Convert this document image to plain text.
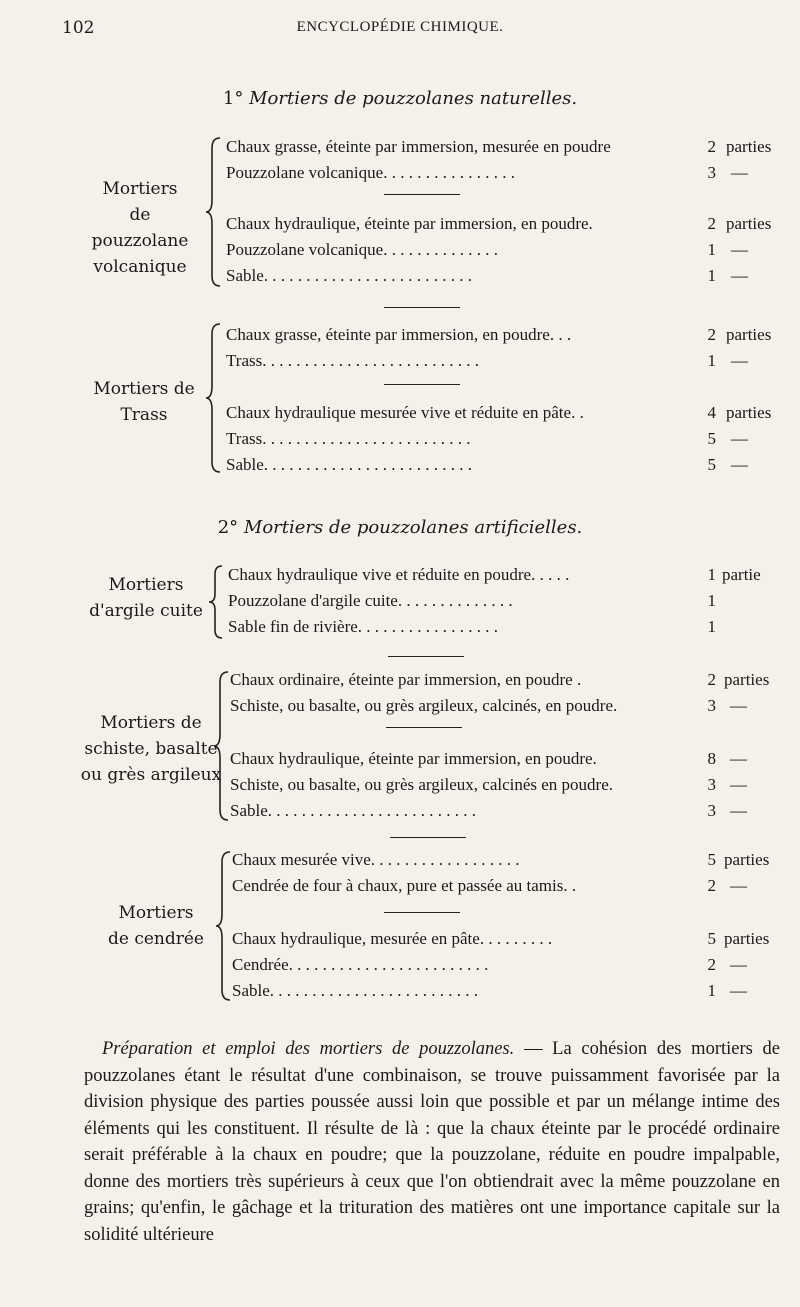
102	ENCYCLOPÉDIE CHIMIQUE.
1° Mortiers de pouzzolanes naturelles.
Mortiers
de pouzzolane
volcanique
Chaux grasse, éteinte par immersion, mesurée en poudre	2 parties
Pouzzolane volcanique. . . . . . . . . . . . . . . .	3 —
Chaux hydraulique, éteinte par immersion, en poudre.	2 parties
Pouzzolane volcanique. . . . . . . . . . . . . .	1 —
Sable. . . . . . . . . . . . . . . . . . . . . . . . .	1 —
Mortiers de
Trass
Chaux grasse, éteinte par immersion, en poudre. . .	2 parties
Trass. . . . . . . . . . . . . . . . . . . . . . . . . .	1 —
Chaux hydraulique mesurée vive et réduite en pâte. .	4 parties
Trass. . . . . . . . . . . . . . . . . . . . . . . . .	5 —
Sable. . . . . . . . . . . . . . . . . . . . . . . . .	5 —
2° Mortiers de pouzzolanes artificielles.
Mortiers
d'argile cuite
Chaux hydraulique vive et réduite en poudre. . . . .	1 partie
Pouzzolane d'argile cuite. . . . . . . . . . . . . .	1
Sable fin de rivière. . . . . . . . . . . . . . . . .	1
Mortiers de
schiste, basalte
ou grès argileux
Chaux ordinaire, éteinte par immersion, en poudre .	2 parties
Schiste, ou basalte, ou grès argileux, calcinés, en poudre.	3 —
Chaux hydraulique, éteinte par immersion, en poudre.	8 —
Schiste, ou basalte, ou grès argileux, calcinés en poudre.	3 —
Sable. . . . . . . . . . . . . . . . . . . . . . . . .	3 —
Mortiers
de cendrée
Chaux mesurée vive. . . . . . . . . . . . . . . . . .	5 parties
Cendrée de four à chaux, pure et passée au tamis. .	2 —
Chaux hydraulique, mesurée en pâte. . . . . . . . .	5 parties
Cendrée. . . . . . . . . . . . . . . . . . . . . . . .	2 —
Sable. . . . . . . . . . . . . . . . . . . . . . . . .	1 —

Préparation et emploi des mortiers de pouzzolanes. — La cohésion des mortiers de pouzzolanes étant le résultat d'une combinaison, se trouve puissamment favorisée par la division physique des parties poussée aussi loin que possible et par un mélange intime des éléments qui les constituent. Il résulte de là : que la chaux éteinte par le procédé ordinaire serait préférable à la chaux en poudre; que la pouzzolane, réduite en poudre impalpable, donne des mortiers très supérieurs à ceux que l'on obtiendrait avec la même pouzzolane en grains; qu'enfin, le gâchage et la trituration des matières ont une importance capitale sur la solidité ultérieure
